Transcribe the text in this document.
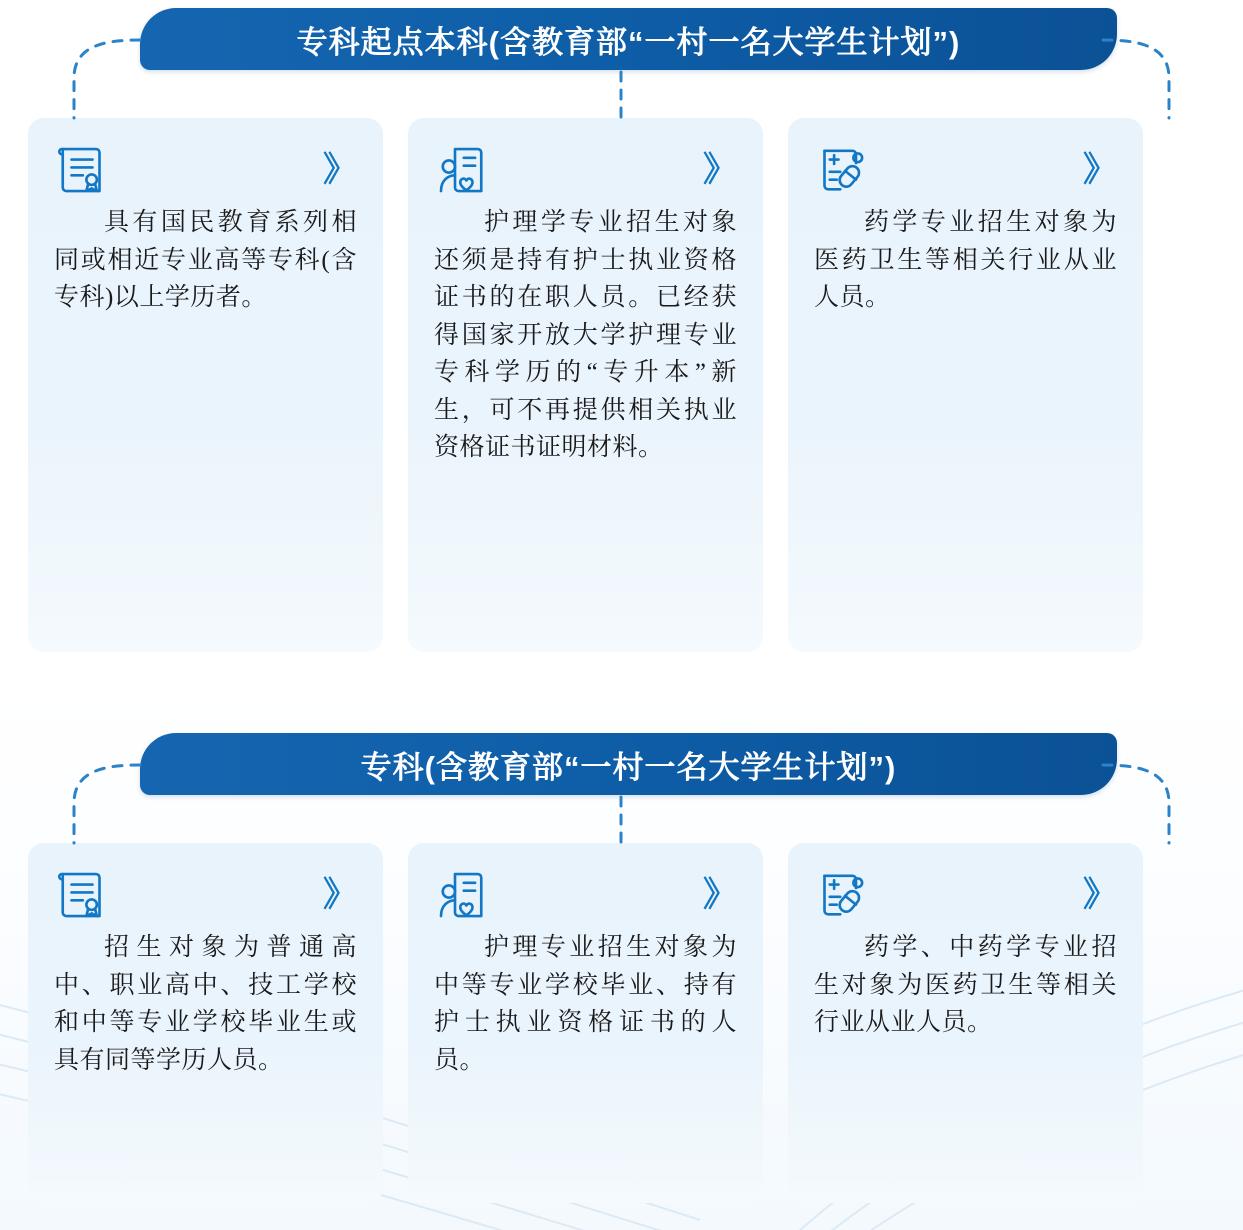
专科起点本科(含教育部“一村一名大学生计划”)
》
具有国民教育系列相同或相近专业高等专科(含专科)以上学历者。
》
护理学专业招生对象还须是持有护士执业资格证书的在职人员。已经获得国家开放大学护理专业专科学历的“专升本”新生，可不再提供相关执业资格证书证明材料。
》
药学专业招生对象为医药卫生等相关行业从业人员。
专科(含教育部“一村一名大学生计划”)
》
招生对象为普通高中、职业高中、技工学校和中等专业学校毕业生或具有同等学历人员。
》
护理专业招生对象为中等专业学校毕业、持有护士执业资格证书的人员。
》
药学、中药学专业招生对象为医药卫生等相关行业从业人员。
